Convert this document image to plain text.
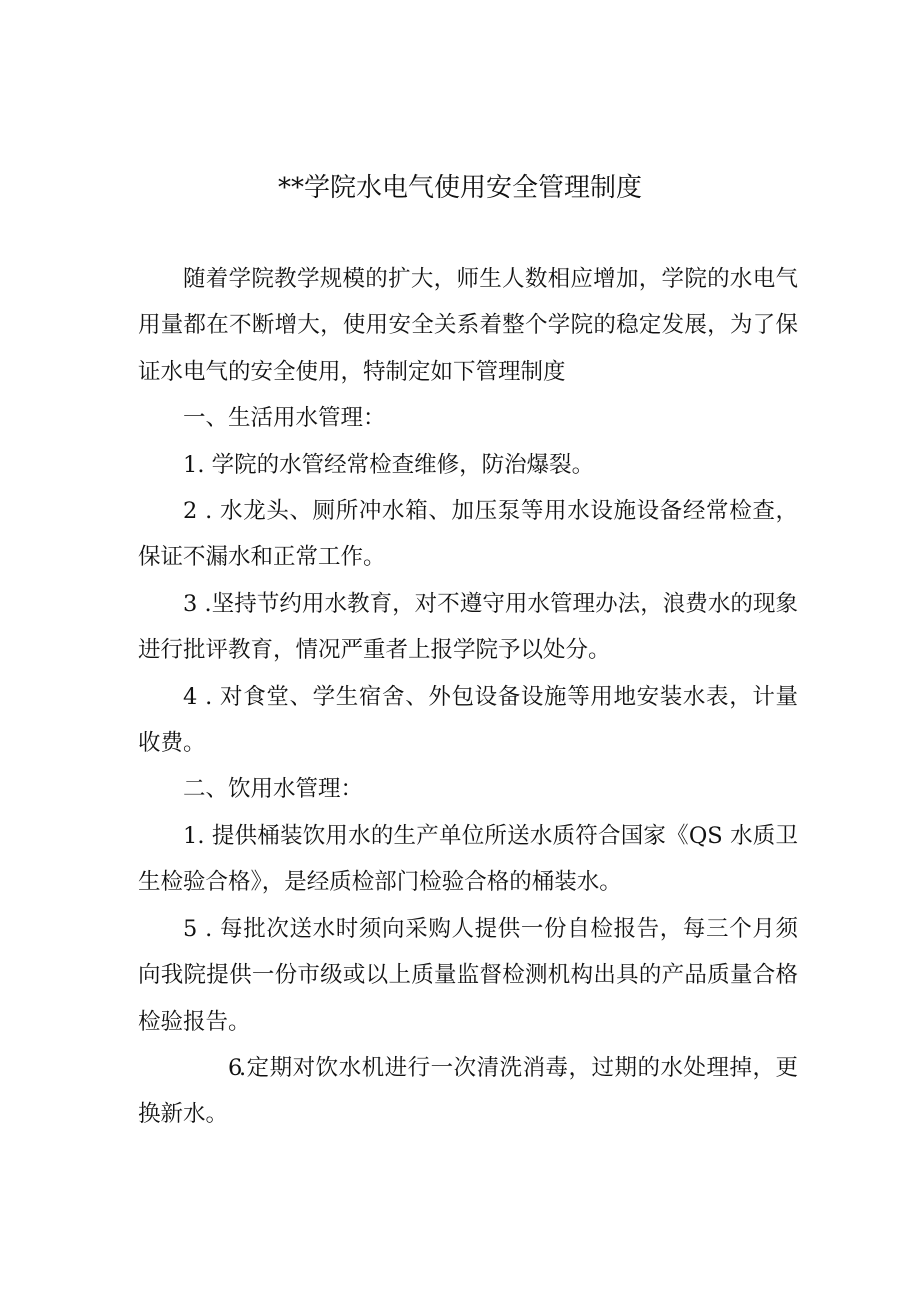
**学院水电气使用安全管理制度

随着学院教学规模的扩大，师生人数相应增加，学院的水电气用量都在不断增大，使用安全关系着整个学院的稳定发展，为了保证水电气的安全使用，特制定如下管理制度

一、生活用水管理：

1. 学院的水管经常检查维修，防治爆裂。

2 . 水龙头、厕所冲水箱、加压泵等用水设施设备经常检查，保证不漏水和正常工作。

3 .坚持节约用水教育，对不遵守用水管理办法，浪费水的现象进行批评教育，情况严重者上报学院予以处分。

4 . 对食堂、学生宿舍、外包设备设施等用地安装水表，计量收费。

二、饮用水管理：

1. 提供桶装饮用水的生产单位所送水质符合国家《QS 水质卫生检验合格》，是经质检部门检验合格的桶装水。

5 . 每批次送水时须向采购人提供一份自检报告，每三个月须向我院提供一份市级或以上质量监督检测机构出具的产品质量合格检验报告。

6.定期对饮水机进行一次清洗消毒，过期的水处理掉，更换新水。
